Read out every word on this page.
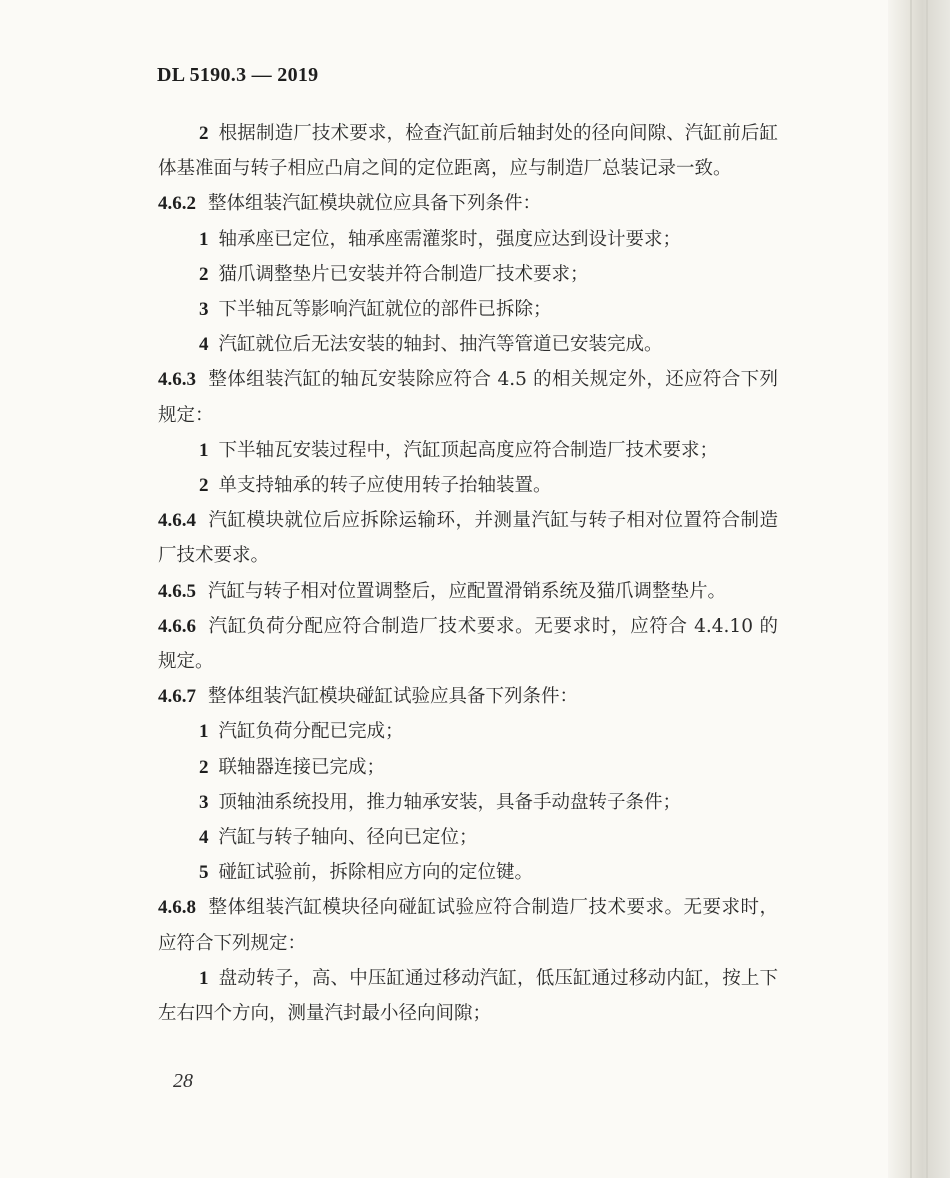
DL 5190.3 — 2019

2 根据制造厂技术要求，检查汽缸前后轴封处的径向间隙、汽缸前后缸体基准面与转子相应凸肩之间的定位距离，应与制造厂总装记录一致。

4.6.2 整体组装汽缸模块就位应具备下列条件：

1 轴承座已定位，轴承座需灌浆时，强度应达到设计要求；

2 猫爪调整垫片已安装并符合制造厂技术要求；

3 下半轴瓦等影响汽缸就位的部件已拆除；

4 汽缸就位后无法安装的轴封、抽汽等管道已安装完成。

4.6.3 整体组装汽缸的轴瓦安装除应符合 4.5 的相关规定外，还应符合下列规定：

1 下半轴瓦安装过程中，汽缸顶起高度应符合制造厂技术要求；

2 单支持轴承的转子应使用转子抬轴装置。

4.6.4 汽缸模块就位后应拆除运输环，并测量汽缸与转子相对位置符合制造厂技术要求。

4.6.5 汽缸与转子相对位置调整后，应配置滑销系统及猫爪调整垫片。

4.6.6 汽缸负荷分配应符合制造厂技术要求。无要求时，应符合 4.4.10 的规定。

4.6.7 整体组装汽缸模块碰缸试验应具备下列条件：

1 汽缸负荷分配已完成；

2 联轴器连接已完成；

3 顶轴油系统投用，推力轴承安装，具备手动盘转子条件；

4 汽缸与转子轴向、径向已定位；

5 碰缸试验前，拆除相应方向的定位键。

4.6.8 整体组装汽缸模块径向碰缸试验应符合制造厂技术要求。无要求时，应符合下列规定：

1 盘动转子，高、中压缸通过移动汽缸，低压缸通过移动内缸，按上下左右四个方向，测量汽封最小径向间隙；

28
